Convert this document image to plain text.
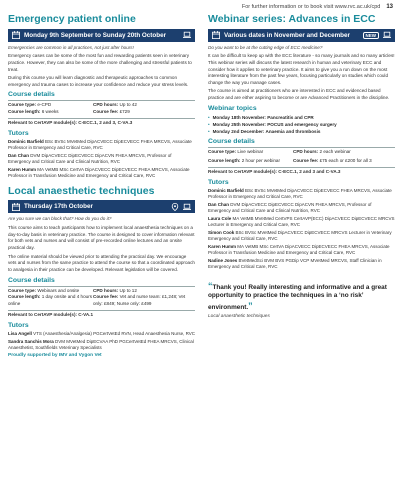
For further information or to book visit www.rvc.ac.uk/cpd 13
Emergency patient online
Monday 9th September to Sunday 20th October

Emergencies are common in all practices, not just after hours!

Emergency cases can be some of the most fun and rewarding patients seen in veterinary practice. However, they can also be some of the more challenging and stressful patients to treat.

During this course you will learn diagnostic and therapeutic approaches to common emergency and trauma cases to increase your confidence and reduce your stress levels.

Course details
Course type: e-CPD	CPD hours: Up to 42
Course length: 6 weeks	Course fee: £729

Relevant to CertAVP module(s): C-ECC.1, 2 and 3, C-VA.3

Tutors
Dominic Barfield BSc BVSc MVetMed DipACVECC DipECVECC FHEA MRCVS, Associate Professor in Emergency and Critical Care, RVC
Dan Chan DVM DipACVECC DipECVECC DipACVN FHEA MRCVS, Professor of Emergency and Critical Care and Clinical Nutrition, RVC
Karen Humm MA VetMB MSc CertVA DipACVECC DipECVECC FHEA MRCVS, Associate Professor in Transfusion Medicine and Emergency and Critical Care, RVC
Local anaesthetic techniques
Thursday 17th October

Are you sure we can block that? How do you do it?

This course aims to teach participants how to implement local anaesthesia techniques on a day-to-day basis in veterinary practice. The course is designed to cover information relevant for both vets and nurses and will consist of pre-recorded online lectures and an onsite practical day.

The online material should be viewed prior to attending the practical day. We encourage vets and nurses from the same practice to attend the course so that a coordinated approach to analgesia in their practice can be developed. Relevant legislation will be covered.

Course details
Course type: Webinars and onsite	CPD hours: Up to 12
Course length: 1 day onsite and 4 hours online
Course fee: Vet and nurse team: £1,248; Vet only: £849; Nurse only: £499

Relevant to CertAVP module(s): C-VA.1

Tutors
Lisa Angell VTS (Anaesthesia/Analgesia) PGCertVetEd RVN, Head Anaesthesia Nurse, RVC
Sandra Sanchis Mora DVM MVetMed DipECVAA PhD PGCertVetEd FHEA MRCVS, Clinical Anaesthetist, Southfields Veterinary Specialists
Proudly supported by IMV and Vygon Vet
Webinar series: Advances in ECC
Various dates in November and December	NEW

Do you want to be at the cutting edge of ECC medicine?

It can be difficult to keep up with the ECC literature - so many journals and so many articles! This webinar series will discuss the latest research in human and veterinary ECC and consider how it applies to veterinary practice. It aims to give you a run down on the most interesting literature from the past few years, focusing particularly on studies which could change the way you manage cases.

The course is aimed at practitioners who are interested in ECC and evidenced based practice and are either aspiring to become or are Advanced Practitioners in the discipline.

Webinar topics
• Monday 18th November: Pancreatitis and CPR
• Monday 25th November: POCUS and emergency surgery
• Monday 2nd December: Anaemia and thrombosis
Course details
Course type: Live webinar	CPD hours: 2 each webinar
Course length: 2 hour per webinar	Course fee: £75 each or £200 for all 3

Relevant to CertAVP module(s): C-ECC.1, 2 and 3 and C-VA.3

Tutors
Dominic Barfield BSc BVSc MVetMed DipACVECC DipECVECC FHEA MRCVS, Associate Professor in Emergency and Critical Care, RVC
Dan Chan DVM DipACVECC DipECVECC DipACVN FHEA MRCVS, Professor of Emergency and Critical Care and Clinical Nutrition, RVC
Laura Cole MA VetMB MVetMed CertVPS CertAVP(ECC) DipACVECC DipECVECC MRCVS Lecturer in Emergency and Critical Care, RVC
Simon Cook BSc BVSc MVetMed DipACVECC DipECVECC MRCVS Lecturer in Veterinary Emergency and Critical Care, RVC
Karen Humm MA VetMB MSc CertVA DipACVECC DipECVECC FHEA MRCVS, Associate Professor in Transfusion Medicine and Emergency and Critical Care, RVC
Nadine Jones BVetMedSci BVM BVS PGDip VCP MVetMed MRCVS, Staff Clinician in Emergency and Critical Care, RVC
“Thank you! Really interesting and informative and a great opportunity to practice the techniques in a ‘no risk’ environment.”
Local anaesthetic techniques
